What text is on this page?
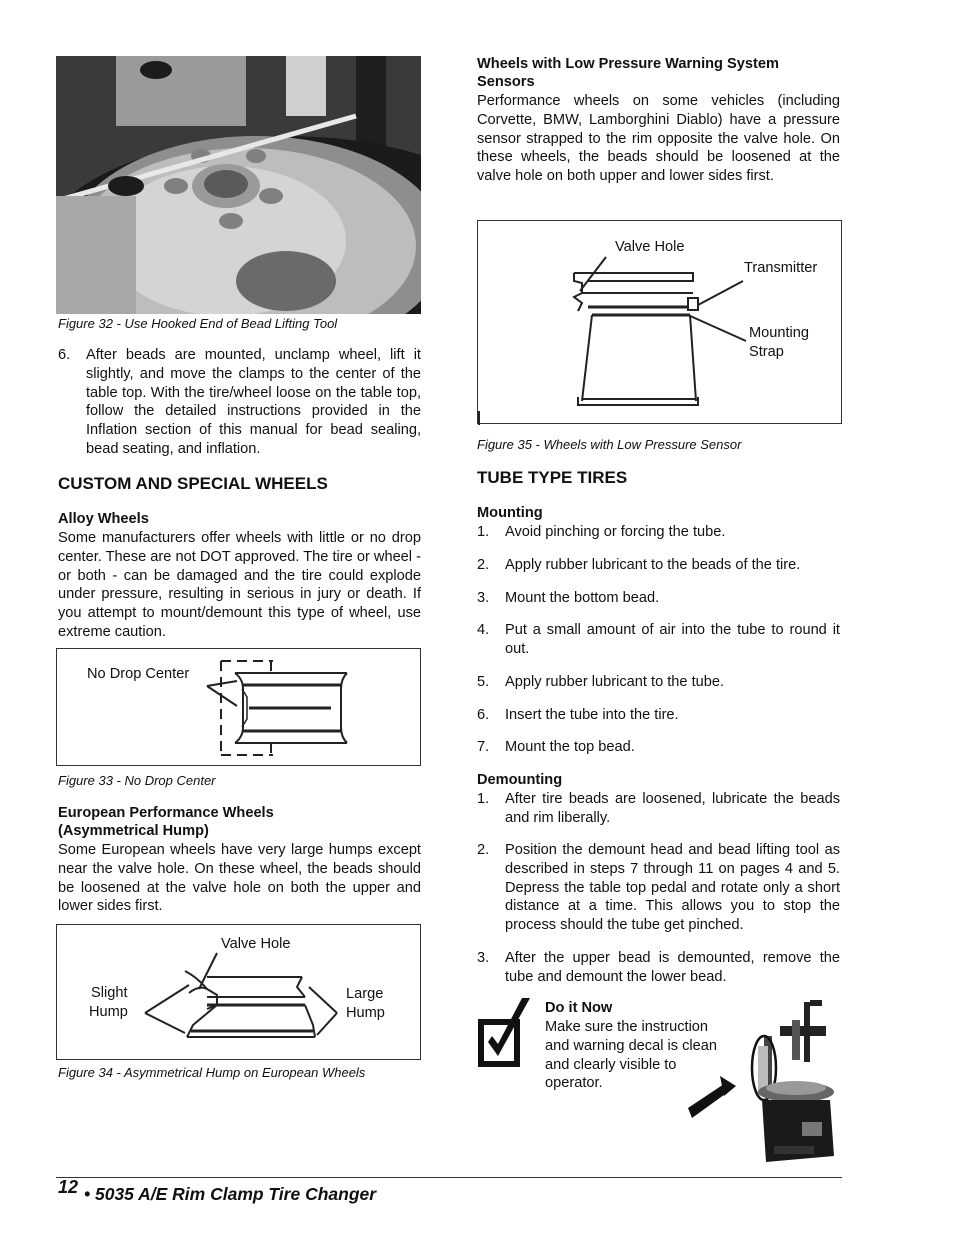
Figure 32 - Use Hooked End of Bead Lifting Tool
6. After beads are mounted, unclamp wheel, lift it slightly, and move the clamps to the center of the table top. With the tire/wheel loose on the table top, follow the detailed instructions provided in the Inflation section of this manual for bead sealing, bead seating, and inflation.
CUSTOM AND SPECIAL WHEELS
Alloy Wheels
Some manufacturers offer wheels with little or no drop center. These are not DOT approved. The tire or wheel - or both - can be damaged and the tire could explode under pressure, resulting in serious in jury or death. If you attempt to mount/demount this type of wheel, use extreme caution.
No Drop Center
Figure 33 - No Drop Center
European Performance Wheels
(Asymmetrical Hump)
Some European wheels have very large humps except near the valve hole. On these wheel, the beads should be loosened at the valve hole on both the upper and lower sides first.
Valve Hole
Slight
Hump
Large
Hump
Figure 34 - Asymmetrical Hump on European Wheels
Wheels with Low Pressure Warning System
Sensors
Performance wheels on some vehicles (including Corvette, BMW, Lamborghini Diablo) have a pressure sensor strapped to the rim opposite the valve hole. On these wheels, the beads should be loosened at the valve hole on both upper and lower sides first.
Valve Hole
Transmitter
Mounting
Strap
Figure 35 - Wheels with Low Pressure Sensor
TUBE TYPE TIRES
Mounting
1. Avoid pinching or forcing the tube.
2. Apply rubber lubricant to the beads of the tire.
3. Mount the bottom bead.
4. Put a small amount of air into the tube to round it out.
5. Apply rubber lubricant to the tube.
6. Insert the tube into the tire.
7. Mount the top bead.
Demounting
1. After tire beads are loosened, lubricate the beads and rim liberally.
2. Position the demount head and bead lifting tool as described in steps 7 through 11 on pages 4 and 5. Depress the table top pedal and rotate only a short distance at a time. This allows you to stop the process should the tube get pinched.
3. After the upper bead is demounted, remove the tube and demount the lower bead.
Do it Now
Make sure the instruction and warning decal is clean and clearly visible to operator.
12 • 5035 A/E Rim Clamp Tire Changer
